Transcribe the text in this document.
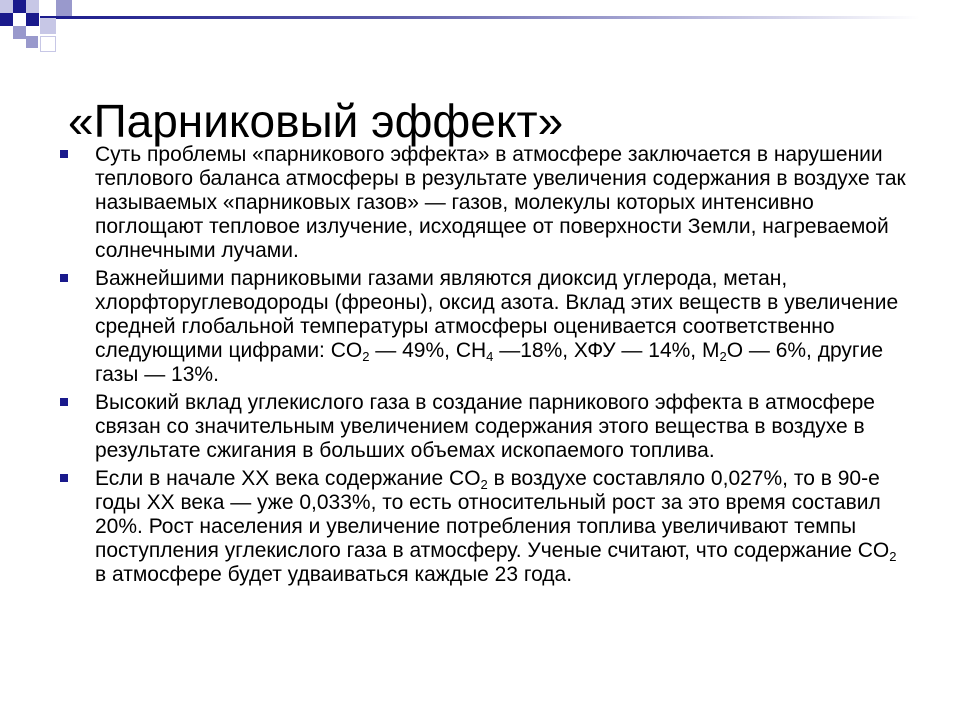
«Парниковый эффект»
Суть проблемы «парникового эффекта» в атмосфере заключается в нарушении теплового баланса атмосферы в результате увеличения содержания в воздухе так называемых «парниковых газов» — газов, молекулы которых интенсивно поглощают тепловое излучение, исходящее от поверхности Земли, нагреваемой солнечными лучами.
Важнейшими парниковыми газами являются диоксид углерода, метан, хлорфторуглеводороды (фреоны), оксид азота. Вклад этих веществ в увеличение средней глобальной температуры атмосферы оценивается соответственно следующими цифрами: $CO_2$ — 49%, $CH_4$ —18%, ХФУ — 14%, $M_2O$ — 6%, другие газы — 13%.
Высокий вклад углекислого газа в создание парникового эффекта в атмосфере связан со значительным увеличением содержания этого вещества в воздухе в результате сжигания в больших объемах ископаемого топлива.
Если в начале XX века содержание $CO_2$ в воздухе составляло 0,027%, то в 90-е годы XX века — уже 0,033%, то есть относительный рост за это время составил 20%. Рост населения и увеличение потребления топлива увеличивают темпы поступления углекислого газа в атмосферу. Ученые считают, что содержание $CO_2$ в атмосфере будет удваиваться каждые 23 года.
